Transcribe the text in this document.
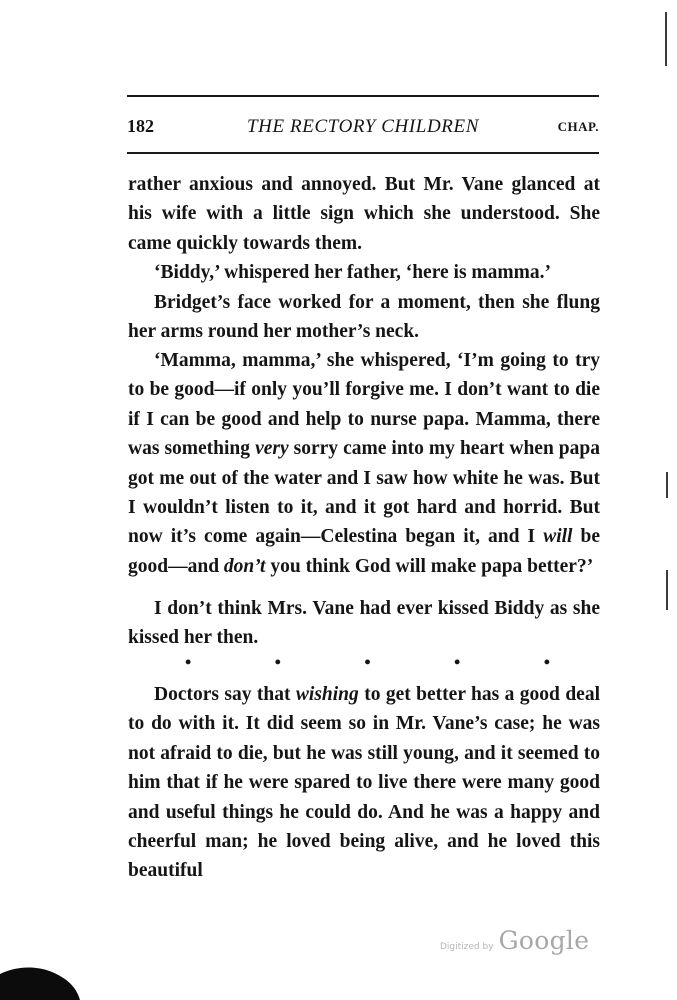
182	THE RECTORY CHILDREN	CHAP.

rather anxious and annoyed. But Mr. Vane glanced at his wife with a little sign which she understood. She came quickly towards them.

‘Biddy,’ whispered her father, ‘here is mamma.’

Bridget’s face worked for a moment, then she flung her arms round her mother’s neck.

‘Mamma, mamma,’ she whispered, ‘I’m going to try to be good—if only you’ll forgive me. I don’t want to die if I can be good and help to nurse papa. Mamma, there was something very sorry came into my heart when papa got me out of the water and I saw how white he was. But I wouldn’t listen to it, and it got hard and horrid. But now it’s come again—Celestina began it, and I will be good—and don’t you think God will make papa better?’

I don’t think Mrs. Vane had ever kissed Biddy as she kissed her then.

•	•	•	•	•

Doctors say that wishing to get better has a good deal to do with it. It did seem so in Mr. Vane’s case; he was not afraid to die, but he was still young, and it seemed to him that if he were spared to live there were many good and useful things he could do. And he was a happy and cheerful man; he loved being alive, and he loved this beautiful

Digitized by Google
